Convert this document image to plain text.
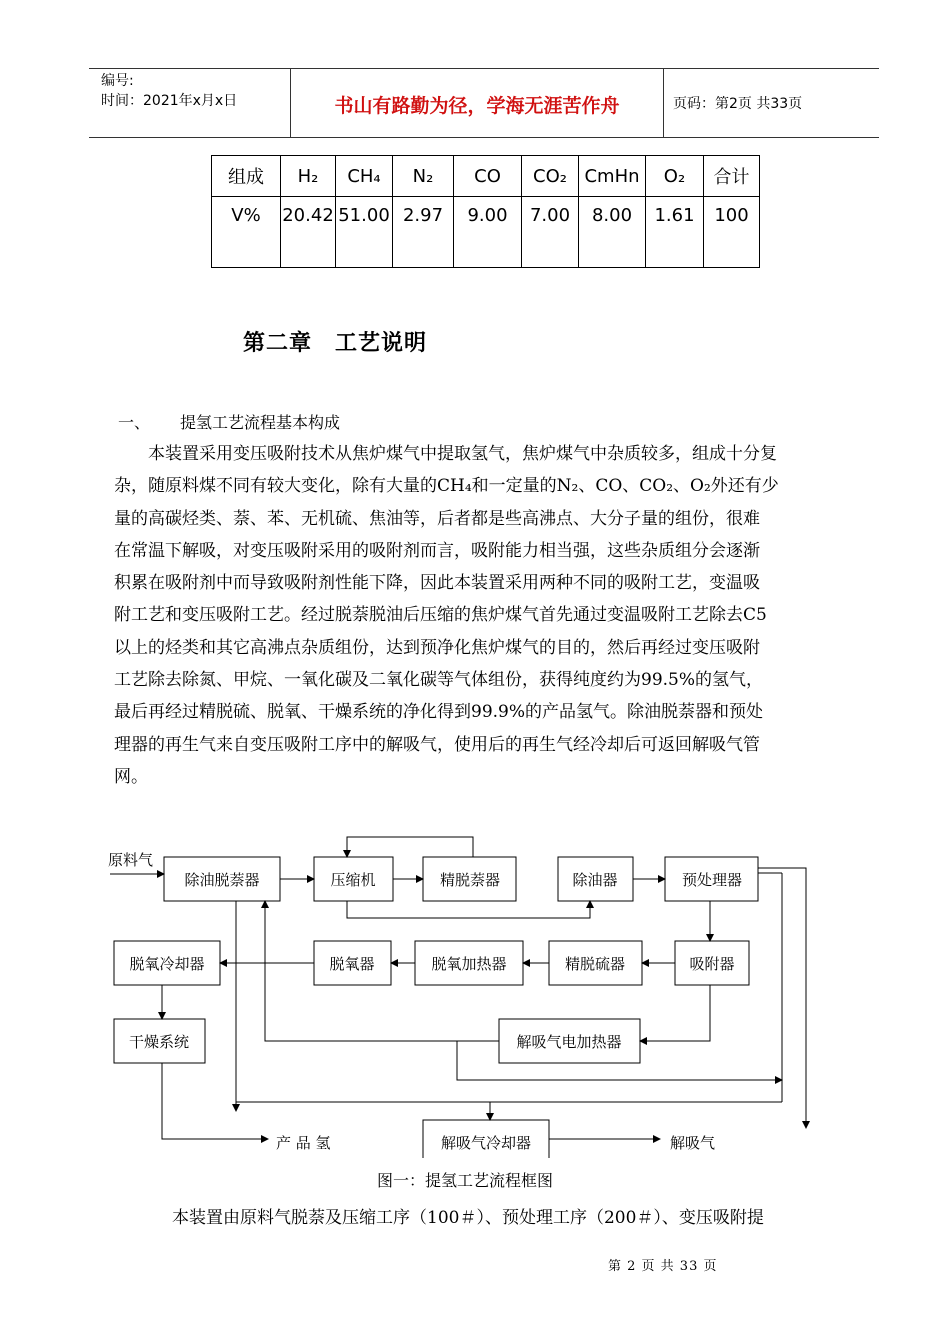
编号:
时间：2021年x月x日	书山有路勤为径，学海无涯苦作舟	页码：第2页 共33页
组成	H₂	CH₄	N₂	CO	CO₂	CmHn	O₂	合计
V%	20.42	51.00	2.97	9.00	7.00	8.00	1.61	100
第二章　工艺说明
一、 提氢工艺流程基本构成
　　本装置采用变压吸附技术从焦炉煤气中提取氢气，焦炉煤气中杂质较多，组成十分复
杂，随原料煤不同有较大变化，除有大量的CH₄和一定量的N₂、CO、CO₂、O₂外还有少
量的高碳烃类、萘、苯、无机硫、焦油等，后者都是些高沸点、大分子量的组份，很难
在常温下解吸，对变压吸附采用的吸附剂而言，吸附能力相当强，这些杂质组分会逐渐
积累在吸附剂中而导致吸附剂性能下降，因此本装置采用两种不同的吸附工艺，变温吸
附工艺和变压吸附工艺。经过脱萘脱油后压缩的焦炉煤气首先通过变温吸附工艺除去C5
以上的烃类和其它高沸点杂质组份，达到预净化焦炉煤气的目的，然后再经过变压吸附
工艺除去除氮、甲烷、一氧化碳及二氧化碳等气体组份，获得纯度约为99.5%的氢气，
最后再经过精脱硫、脱氧、干燥系统的净化得到99.9%的产品氢气。除油脱萘器和预处
理器的再生气来自变压吸附工序中的解吸气，使用后的再生气经冷却后可返回解吸气管
网。
原料气
除油脱萘器	压缩机	精脱萘器	除油器	预处理器
脱氧冷却器	脱氧器	脱氧加热器	精脱硫器	吸附器
干燥系统	解吸气电加热器
产 品 氢	解吸气冷却器	解吸气
图一：提氢工艺流程框图
本装置由原料气脱萘及压缩工序（100＃）、预处理工序（200＃）、变压吸附提
第 2 页 共 33 页
